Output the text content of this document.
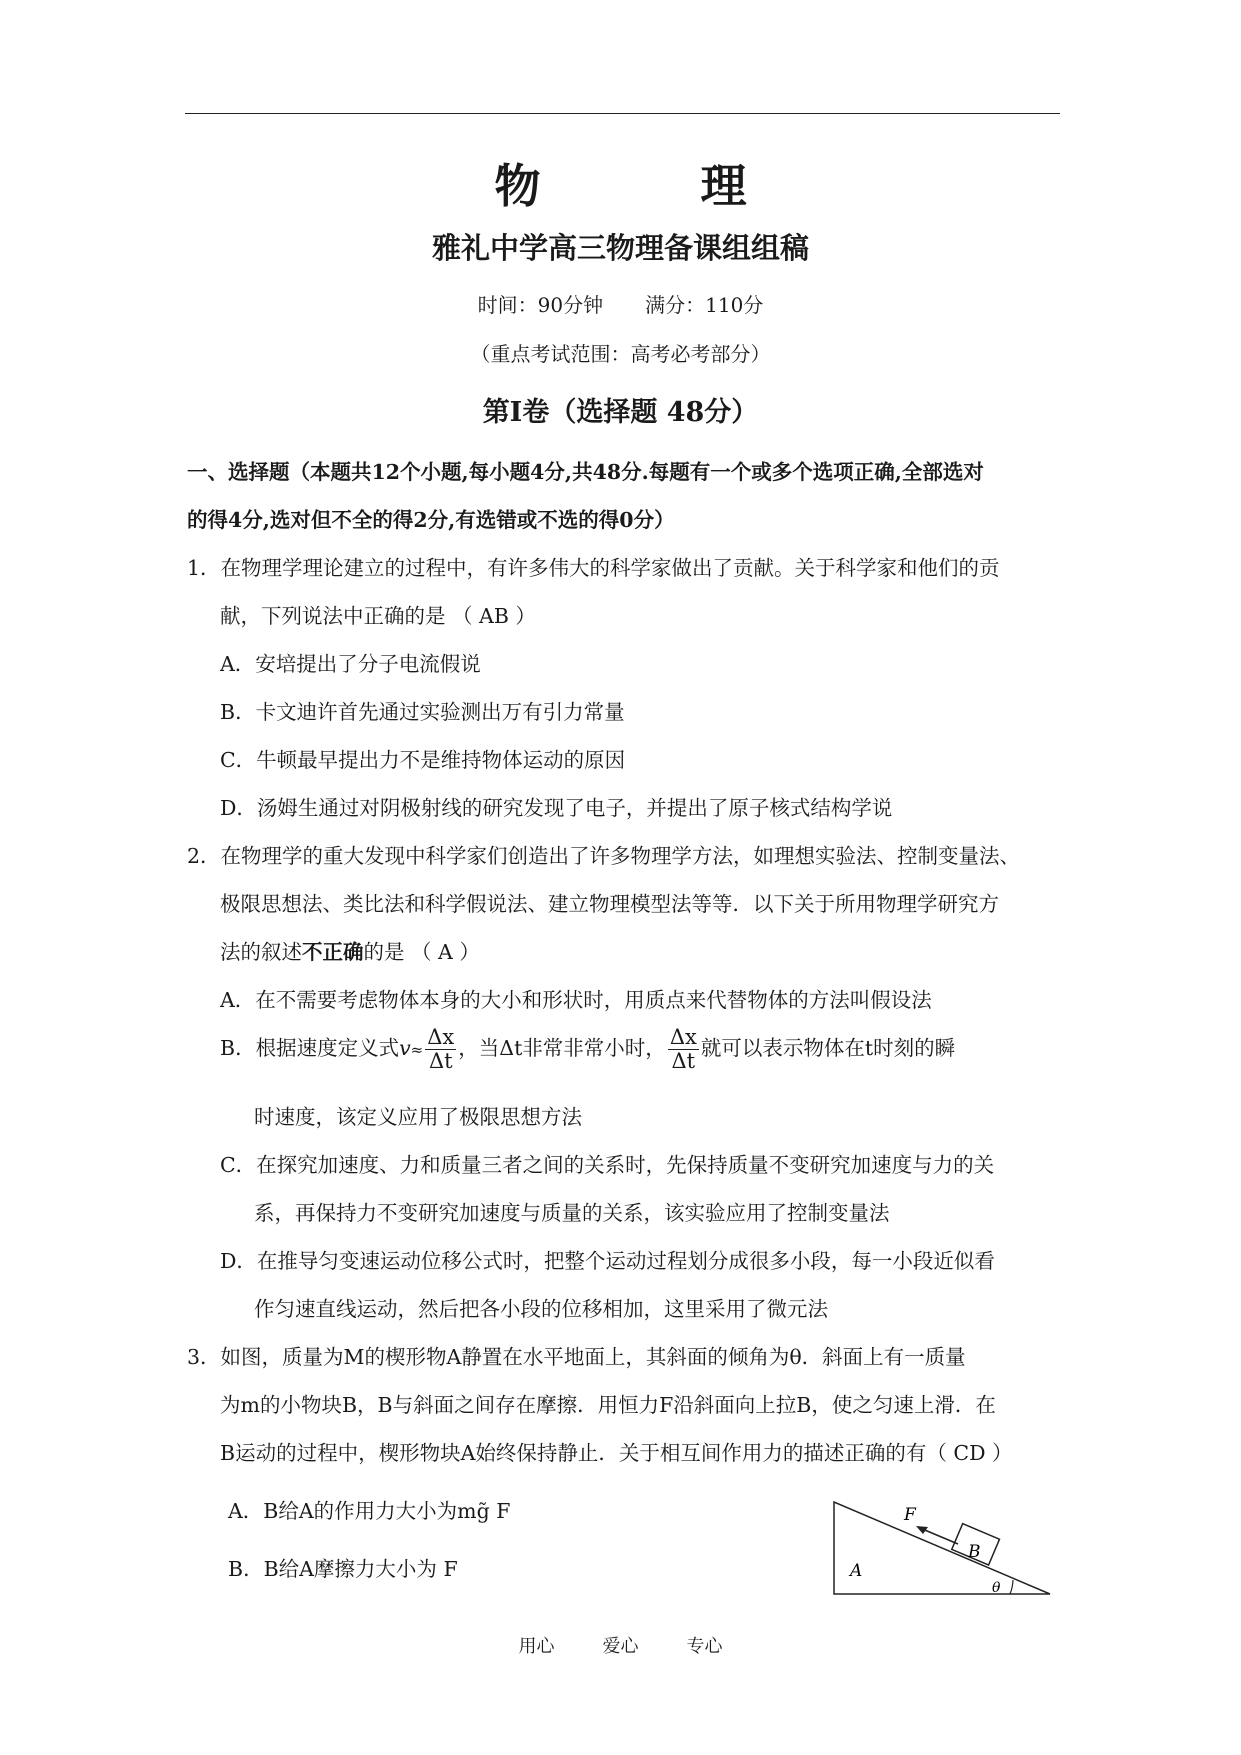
物 理
雅礼中学高三物理备课组组稿
时间：90分钟 满分：110分
（重点考试范围：高考必考部分）
第Ⅰ卷（选择题 48分）
一、选择题（本题共12个小题,每小题4分,共48分.每题有一个或多个选项正确,全部选对
的得4分,选对但不全的得2分,有选错或不选的得0分）
1．在物理学理论建立的过程中，有许多伟大的科学家做出了贡献。关于科学家和他们的贡
献，下列说法中正确的是 （ AB ）
A．安培提出了分子电流假说
B．卡文迪许首先通过实验测出万有引力常量
C．牛顿最早提出力不是维持物体运动的原因
D．汤姆生通过对阴极射线的研究发现了电子，并提出了原子核式结构学说
2．在物理学的重大发现中科学家们创造出了许多物理学方法，如理想实验法、控制变量法、
极限思想法、类比法和科学假说法、建立物理模型法等等．以下关于所用物理学研究方
法的叙述不正确的是 （ A ）
A．在不需要考虑物体本身的大小和形状时，用质点来代替物体的方法叫假设法
B．根据速度定义式$v\approx \frac{\Delta x}{\Delta t}$ ，当Δt非常非常小时， $\frac{\Delta x}{\Delta t}$ 就可以表示物体在t时刻的瞬
时速度，该定义应用了极限思想方法
C．在探究加速度、力和质量三者之间的关系时，先保持质量不变研究加速度与力的关
系，再保持力不变研究加速度与质量的关系，该实验应用了控制变量法
D．在推导匀变速运动位移公式时，把整个运动过程划分成很多小段，每一小段近似看
作匀速直线运动，然后把各小段的位移相加，这里采用了微元法
3．如图，质量为M的楔形物A静置在水平地面上，其斜面的倾角为θ．斜面上有一质量
为m的小物块B，B与斜面之间存在摩擦．用恒力F沿斜面向上拉B，使之匀速上滑．在
B运动的过程中，楔形物块A始终保持静止．关于相互间作用力的描述正确的有（ CD ）
A．B给A的作用力大小为mg̃ F
B．B给A摩擦力大小为 F
F
B
A
θ
用心	爱心	专心
